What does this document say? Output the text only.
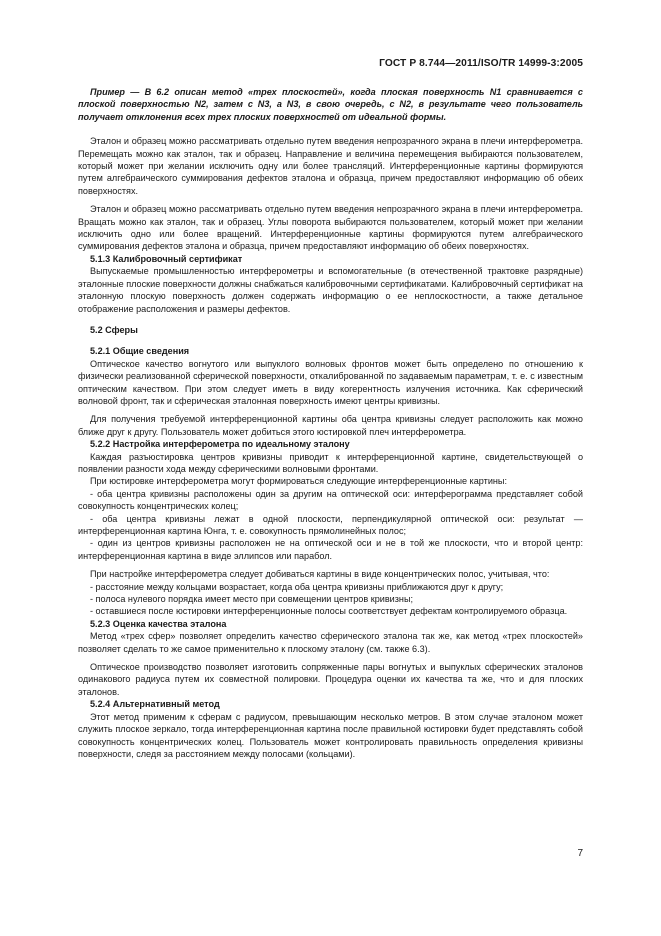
ГОСТ Р 8.744—2011/ISO/TR 14999-3:2005

Пример — В 6.2 описан метод «трех плоскостей», когда плоская поверхность N1 сравнивается с плоской поверхностью N2, затем с N3, а N3, в свою очередь, с N2, в результате чего пользователь получает отклонения всех трех плоских поверхностей от идеальной формы.

Эталон и образец можно рассматривать отдельно путем введения непрозрачного экрана в плечи интерферометра. Перемещать можно как эталон, так и образец. Направление и величина перемещения выбираются пользователем, который может при желании исключить одну или более трансляций. Интерференционные картины формируются путем алгебраического суммирования дефектов эталона и образца, причем предоставляют информацию об обеих поверхностях.

Эталон и образец можно рассматривать отдельно путем введения непрозрачного экрана в плечи интерферометра. Вращать можно как эталон, так и образец. Углы поворота выбираются пользователем, который может при желании исключить одно или более вращений. Интерференционные картины формируются путем алгебраического суммирования дефектов эталона и образца, причем предоставляют информацию об обеих поверхностях.

5.1.3 Калибровочный сертификат

Выпускаемые промышленностью интерферометры и вспомогательные (в отечественной трактовке разрядные) эталонные плоские поверхности должны снабжаться калибровочными сертификатами. Калибровочный сертификат на эталонную плоскую поверхность должен содержать информацию о ее неплоскостности, а также детальное отображение расположения и размеры дефектов.

5.2 Сферы

5.2.1 Общие сведения

Оптическое качество вогнутого или выпуклого волновых фронтов может быть определено по отношению к физически реализованной сферической поверхности, откалиброванной по задаваемым параметрам, т. е. с известным оптическим качеством. При этом следует иметь в виду когерентность излучения источника. Как сферический волновой фронт, так и сферическая эталонная поверхность имеют центры кривизны.

Для получения требуемой интерференционной картины оба центра кривизны следует расположить как можно ближе друг к другу. Пользователь может добиться этого юстировкой плеч интерферометра.

5.2.2 Настройка интерферометра по идеальному эталону

Каждая разъюстировка центров кривизны приводит к интерференционной картине, свидетельствующей о появлении разности хода между сферическими волновыми фронтами.

При юстировке интерферометра могут формироваться следующие интерференционные картины:

- оба центра кривизны расположены один за другим на оптической оси: интерферограмма представляет собой совокупность концентрических колец;

- оба центра кривизны лежат в одной плоскости, перпендикулярной оптической оси: результат — интерференционная картина Юнга, т. е. совокупность прямолинейных полос;

- один из центров кривизны расположен не на оптической оси и не в той же плоскости, что и второй центр: интерференционная картина в виде эллипсов или парабол.

При настройке интерферометра следует добиваться картины в виде концентрических полос, учитывая, что:

- расстояние между кольцами возрастает, когда оба центра кривизны приближаются друг к другу;

- полоса нулевого порядка имеет место при совмещении центров кривизны;

- оставшиеся после юстировки интерференционные полосы соответствует дефектам контролируемого образца.

5.2.3 Оценка качества эталона

Метод «трех сфер» позволяет определить качество сферического эталона так же, как метод «трех плоскостей» позволяет сделать то же самое применительно к плоскому эталону (см. также 6.3).

Оптическое производство позволяет изготовить сопряженные пары вогнутых и выпуклых сферических эталонов одинакового радиуса путем их совместной полировки. Процедура оценки их качества та же, что и для плоских эталонов.

5.2.4 Альтернативный метод

Этот метод применим к сферам с радиусом, превышающим несколько метров. В этом случае эталоном может служить плоское зеркало, тогда интерференционная картина после правильной юстировки будет представлять собой совокупность концентрических колец. Пользователь может контролировать правильность определения кривизны поверхности, следя за расстоянием между полосами (кольцами).

7
